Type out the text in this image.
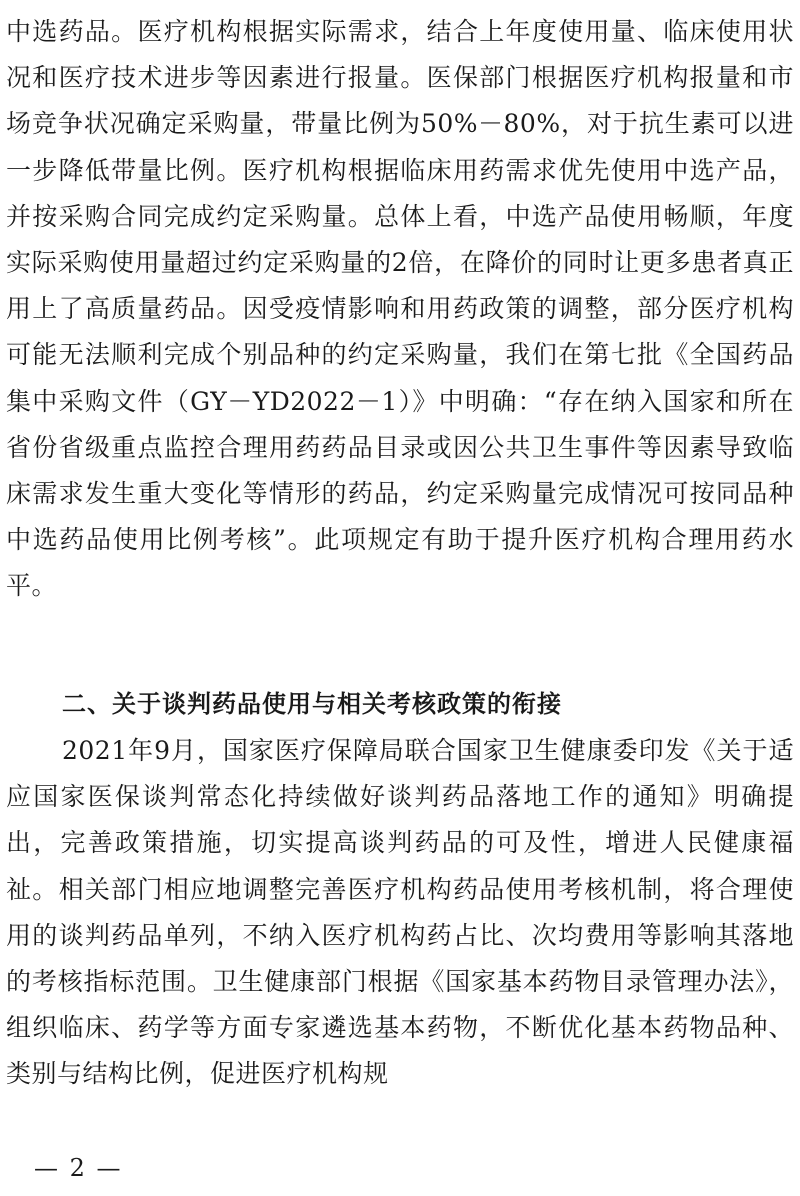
中选药品。医疗机构根据实际需求，结合上年度使用量、临床使用状况和医疗技术进步等因素进行报量。医保部门根据医疗机构报量和市场竞争状况确定采购量，带量比例为50%－80%，对于抗生素可以进一步降低带量比例。医疗机构根据临床用药需求优先使用中选产品，并按采购合同完成约定采购量。总体上看，中选产品使用畅顺，年度实际采购使用量超过约定采购量的2倍，在降价的同时让更多患者真正用上了高质量药品。因受疫情影响和用药政策的调整，部分医疗机构可能无法顺利完成个别品种的约定采购量，我们在第七批《全国药品集中采购文件（GY－YD2022－1）》中明确：“存在纳入国家和所在省份省级重点监控合理用药药品目录或因公共卫生事件等因素导致临床需求发生重大变化等情形的药品，约定采购量完成情况可按同品种中选药品使用比例考核”。此项规定有助于提升医疗机构合理用药水平。

二、关于谈判药品使用与相关考核政策的衔接

2021年9月，国家医疗保障局联合国家卫生健康委印发《关于适应国家医保谈判常态化持续做好谈判药品落地工作的通知》明确提出，完善政策措施，切实提高谈判药品的可及性，增进人民健康福祉。相关部门相应地调整完善医疗机构药品使用考核机制，将合理使用的谈判药品单列，不纳入医疗机构药占比、次均费用等影响其落地的考核指标范围。卫生健康部门根据《国家基本药物目录管理办法》，组织临床、药学等方面专家遴选基本药物，不断优化基本药物品种、类别与结构比例，促进医疗机构规

— 2 —
